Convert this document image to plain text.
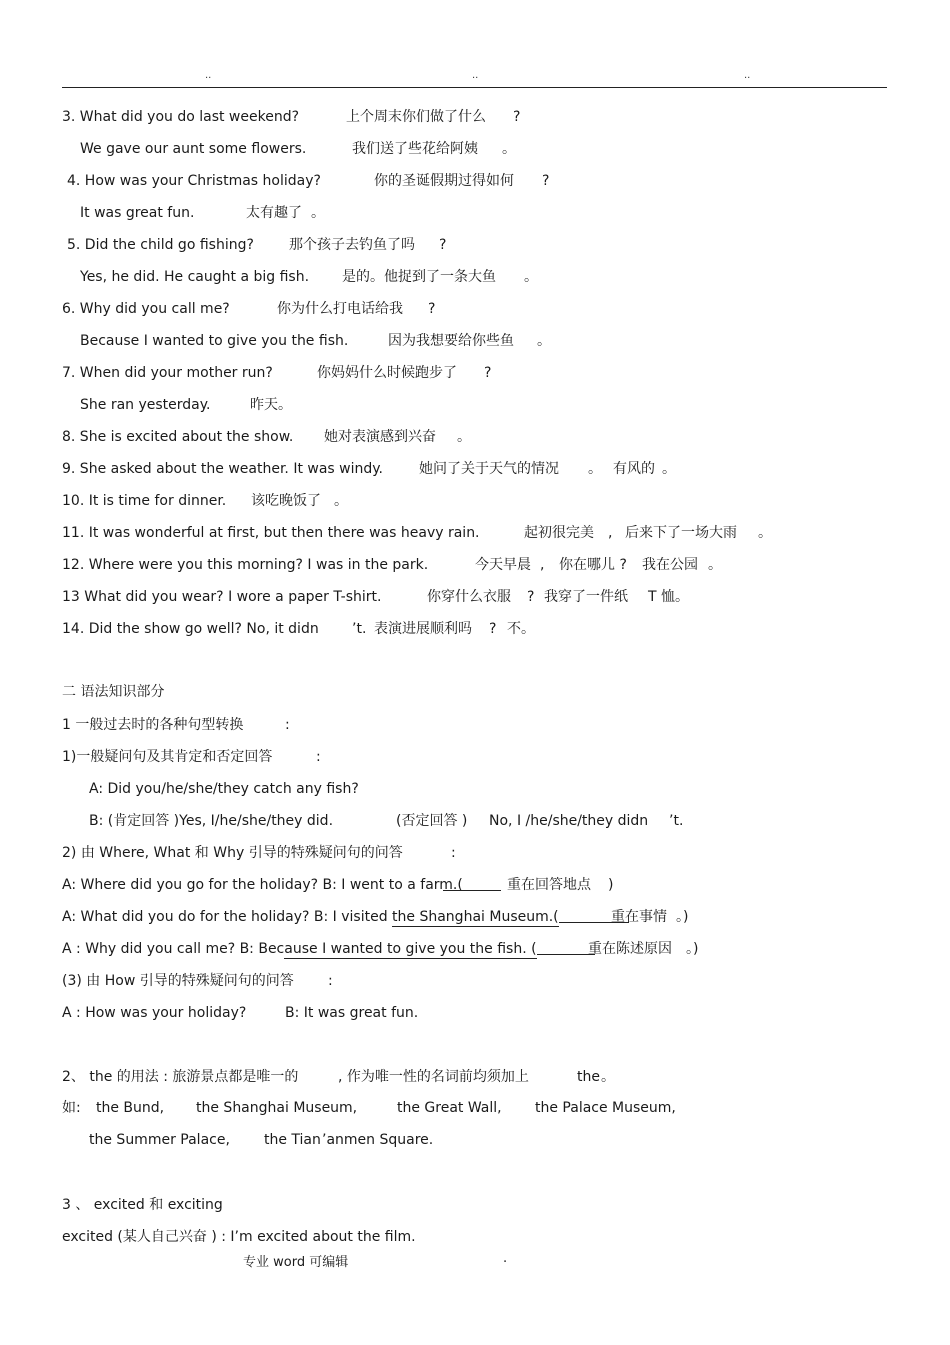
..	..	..
3. What did you do last weekend?	上个周末你们做了什么 ?
We gave our aunt some flowers.	我们送了些花给阿姨 。
4. How was your Christmas holiday?	你的圣诞假期过得如何 ?
It was great fun.	太有趣了 。
5. Did the child go fishing?	那个孩子去钓鱼了吗 ?
Yes, he did. He caught a big fish. 是的。他捉到了一条大鱼 。
6. Why did you call me?	你为什么打电话给我 ?
Because I wanted to give you the fish.	因为我想要给你些鱼 。
7. When did your mother run?	你妈妈什么时候跑步了 ?
She ran yesterday.	昨天。
8. She is excited about the show. 她对表演感到兴奋 。
9. She asked about the weather. It was windy.	她问了关于天气的情况 。 有风的 。
10. It is time for dinner. 该吃晚饭了 。
11. It was wonderful at first, but then there was heavy rain.	起初很完美 , 后来下了一场大雨 。
12. Where were you this morning? I was in the park.	今天早晨 , 你在哪儿 ? 我在公园 。
13 What did you wear? I wore a paper T-shirt.	你穿什么衣服 ? 我穿了一件纸 T 恤。
14. Did the show go well? No, it didn ’t. 表演进展顺利吗 ? 不。
二 语法知识部分
1 一般过去时的各种句型转换	:
1)一般疑问句及其肯定和否定回答	:
A: Did you/he/she/they catch any fish?
B: (肯定回答 )Yes, I/he/she/they did.	(否定回答 ) No, I /he/she/they didn ’t.
2) 由 Where, What 和 Why 引导的特殊疑问句的问答	:
A: Where did you go for the holiday? B: I went to a farm.(	重在回答地点 )
A: What did you do for the holiday? B: I visited the Shanghai Museum.(	重在事情 。)
A : Why did you call me? B: Because I wanted to give you the fish. (	重在陈述原因 。)
(3) 由 How 引导的特殊疑问句的问答 :
A : How was your holiday?	B: It was great fun.
2、 the 的用法 : 旅游景点都是唯一的	, 作为唯一性的名词前均须加上	the 。
如: the Bund, the Shanghai Museum,	the Great Wall, the Palace Museum,
the Summer Palace, the Tian ’anmen Square.
3 、 excited 和 exciting
excited (某人自己兴奋 ) : I’m excited about the film.
专业 word 可编辑	.
